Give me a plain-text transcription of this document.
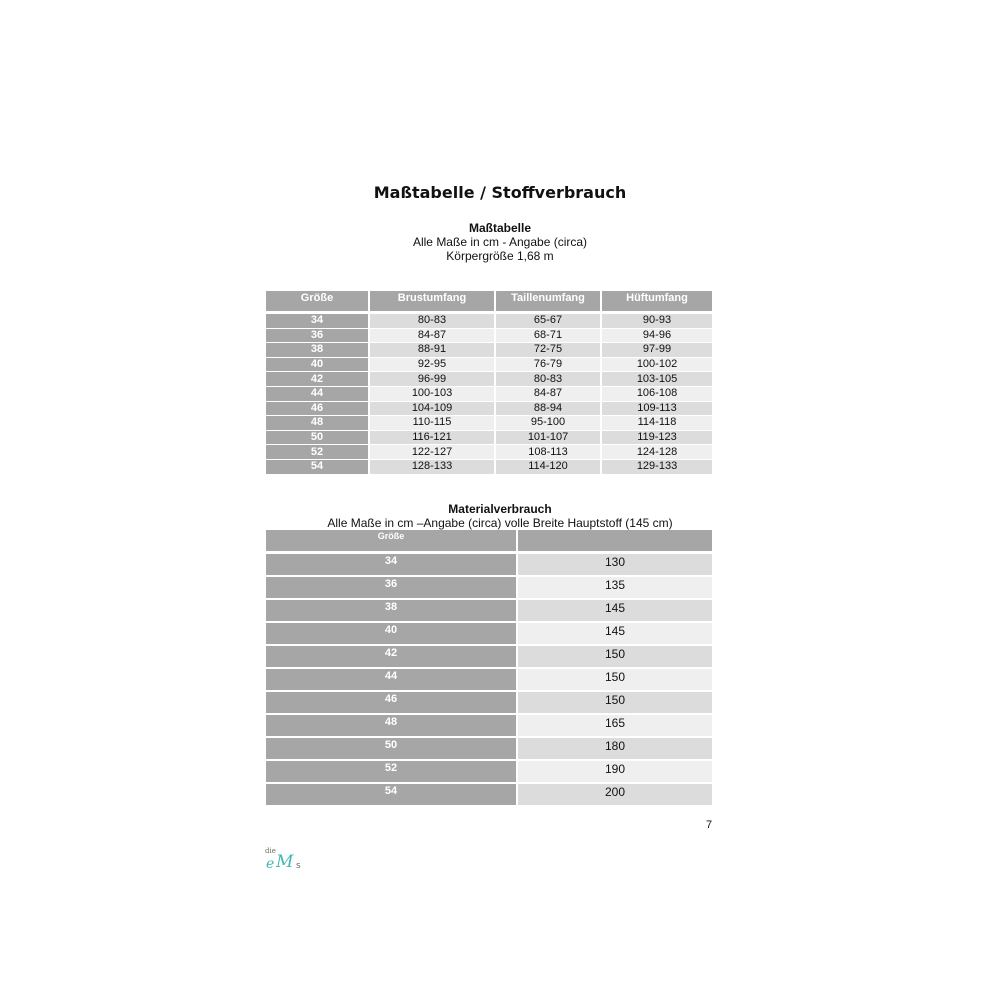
Maßtabelle / Stoffverbrauch
Maßtabelle
Alle Maße in cm - Angabe (circa)
Körpergröße 1,68 m
Größe	Brustumfang	Taillenumfang	Hüftumfang

34	80-83	65-67	90-93
36	84-87	68-71	94-96
38	88-91	72-75	97-99
40	92-95	76-79	100-102
42	96-99	80-83	103-105
44	100-103	84-87	106-108
46	104-109	88-94	109-113
48	110-115	95-100	114-118
50	116-121	101-107	119-123
52	122-127	108-113	124-128
54	128-133	114-120	129-133
Materialverbrauch
Alle Maße in cm –Angabe (circa) volle Breite Hauptstoff (145 cm)
Größe	

34	130
36	135
38	145
40	145
42	150
44	150
46	150
48	165
50	180
52	190
54	200
7
die
e M s
